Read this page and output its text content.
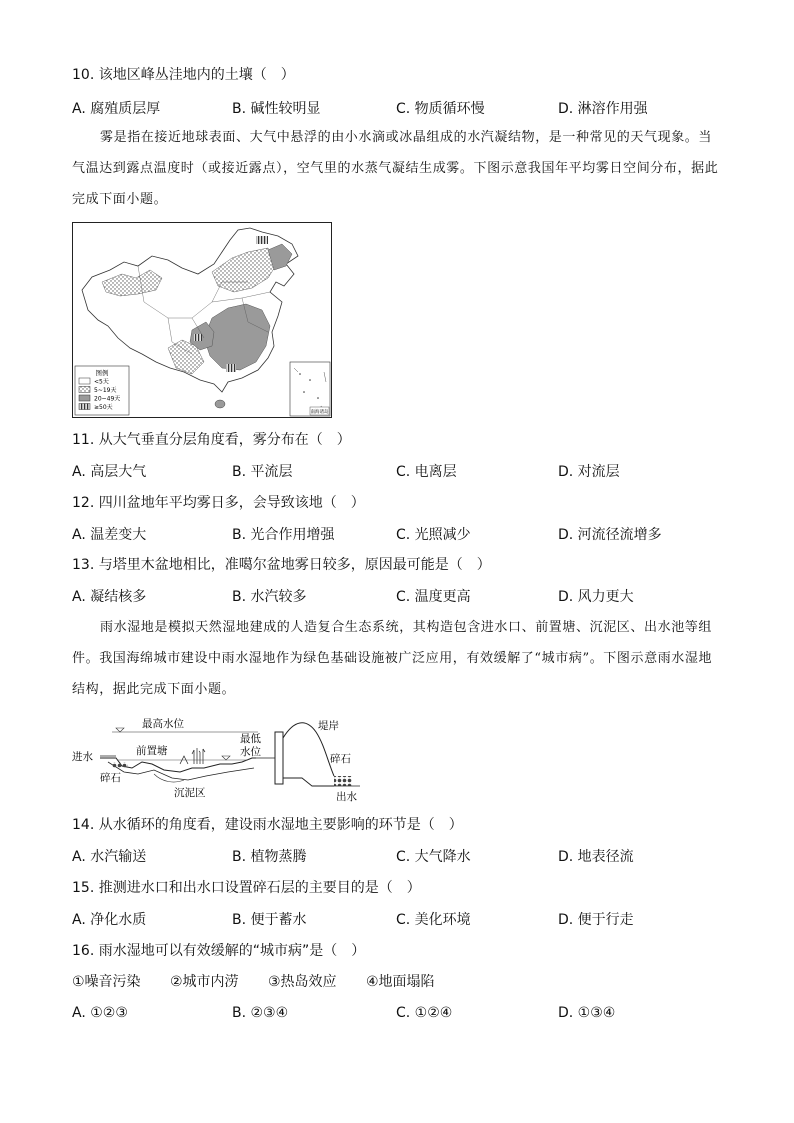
10. 该地区峰丛洼地内的土壤（　）
A. 腐殖质层厚	B. 碱性较明显	C. 物质循环慢	D. 淋溶作用强
雾是指在接近地球表面、大气中悬浮的由小水滴或冰晶组成的水汽凝结物，是一种常见的天气现象。当气温达到露点温度时（或接近露点），空气里的水蒸气凝结生成雾。下图示意我国年平均雾日空间分布，据此完成下面小题。
图例
<5天
5~19天
20~49天
≥50天
南海诸岛
11. 从大气垂直分层角度看，雾分布在（　）
A. 高层大气	B. 平流层	C. 电离层	D. 对流层
12. 四川盆地年平均雾日多，会导致该地（　）
A. 温差变大	B. 光合作用增强	C. 光照减少	D. 河流径流增多
13. 与塔里木盆地相比，准噶尔盆地雾日较多，原因最可能是（　）
A. 凝结核多	B. 水汽较多	C. 温度更高	D. 风力更大
雨水湿地是模拟天然湿地建成的人造复合生态系统，其构造包含进水口、前置塘、沉泥区、出水池等组件。我国海绵城市建设中雨水湿地作为绿色基础设施被广泛应用，有效缓解了“城市病”。下图示意雨水湿地结构，据此完成下面小题。
最高水位
进水
碎石
前置塘
最低
水位
沉泥区
堤岸
碎石
出水
14. 从水循环的角度看，建设雨水湿地主要影响的环节是（　）
A. 水汽输送	B. 植物蒸腾	C. 大气降水	D. 地表径流
15. 推测进水口和出水口设置碎石层的主要目的是（　）
A. 净化水质	B. 便于蓄水	C. 美化环境	D. 便于行走
16. 雨水湿地可以有效缓解的“城市病”是（　）
①噪音污染 ②城市内涝 ③热岛效应 ④地面塌陷
A. ①②③	B. ②③④	C. ①②④	D. ①③④
